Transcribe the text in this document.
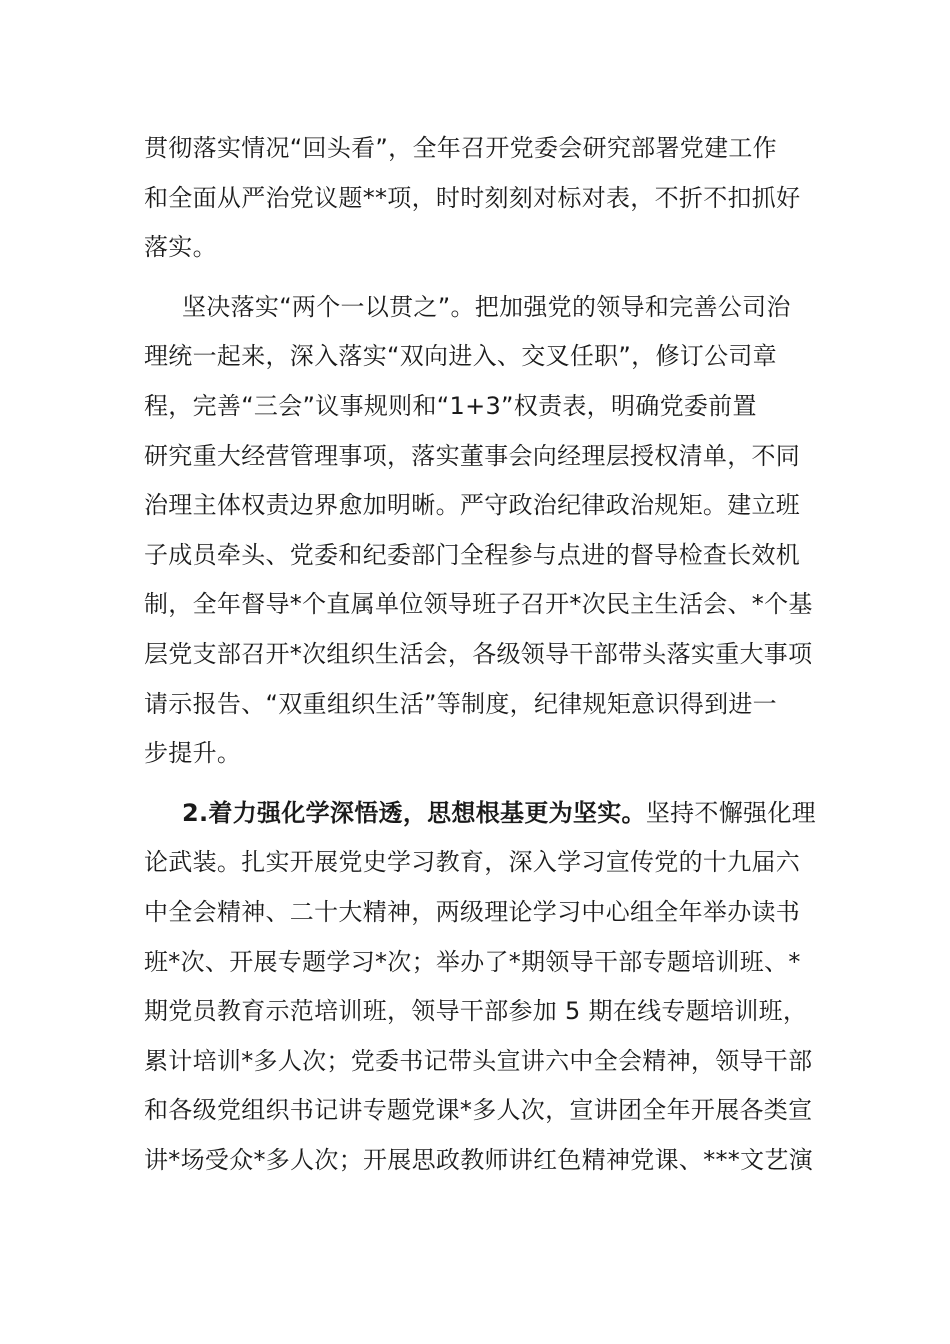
贯彻落实情况“回头看”，全年召开党委会研究部署党建工作
和全面从严治党议题**项，时时刻刻对标对表，不折不扣抓好
落实。
坚决落实“两个一以贯之”。把加强党的领导和完善公司治
理统一起来，深入落实“双向进入、交叉任职”，修订公司章
程，完善“三会”议事规则和“1+3”权责表，明确党委前置
研究重大经营管理事项，落实董事会向经理层授权清单，不同
治理主体权责边界愈加明晰。严守政治纪律政治规矩。建立班
子成员牵头、党委和纪委部门全程参与点进的督导检查长效机
制，全年督导*个直属单位领导班子召开*次民主生活会、*个基
层党支部召开*次组织生活会，各级领导干部带头落实重大事项
请示报告、“双重组织生活”等制度，纪律规矩意识得到进一
步提升。
2.着力强化学深悟透，思想根基更为坚实。坚持不懈强化理
论武装。扎实开展党史学习教育，深入学习宣传党的十九届六
中全会精神、二十大精神，两级理论学习中心组全年举办读书
班*次、开展专题学习*次；举办了*期领导干部专题培训班、*
期党员教育示范培训班，领导干部参加 5 期在线专题培训班，
累计培训*多人次；党委书记带头宣讲六中全会精神，领导干部
和各级党组织书记讲专题党课*多人次，宣讲团全年开展各类宣
讲*场受众*多人次；开展思政教师讲红色精神党课、***文艺演
